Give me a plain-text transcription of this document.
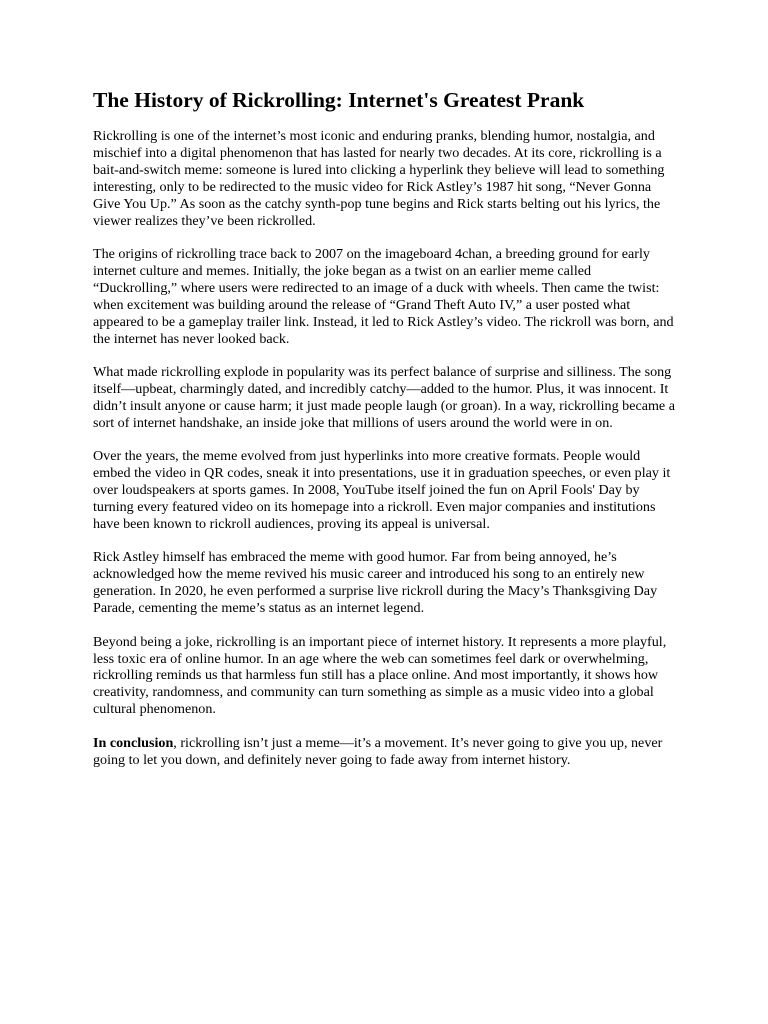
The History of Rickrolling: Internet's Greatest Prank

Rickrolling is one of the internet’s most iconic and enduring pranks, blending humor, nostalgia, and mischief into a digital phenomenon that has lasted for nearly two decades. At its core, rickrolling is a bait-and-switch meme: someone is lured into clicking a hyperlink they believe will lead to something interesting, only to be redirected to the music video for Rick Astley’s 1987 hit song, “Never Gonna Give You Up.” As soon as the catchy synth-pop tune begins and Rick starts belting out his lyrics, the viewer realizes they’ve been rickrolled.

The origins of rickrolling trace back to 2007 on the imageboard 4chan, a breeding ground for early internet culture and memes. Initially, the joke began as a twist on an earlier meme called “Duckrolling,” where users were redirected to an image of a duck with wheels. Then came the twist: when excitement was building around the release of “Grand Theft Auto IV,” a user posted what appeared to be a gameplay trailer link. Instead, it led to Rick Astley’s video. The rickroll was born, and the internet has never looked back.

What made rickrolling explode in popularity was its perfect balance of surprise and silliness. The song itself—upbeat, charmingly dated, and incredibly catchy—added to the humor. Plus, it was innocent. It didn’t insult anyone or cause harm; it just made people laugh (or groan). In a way, rickrolling became a sort of internet handshake, an inside joke that millions of users around the world were in on.

Over the years, the meme evolved from just hyperlinks into more creative formats. People would embed the video in QR codes, sneak it into presentations, use it in graduation speeches, or even play it over loudspeakers at sports games. In 2008, YouTube itself joined the fun on April Fools' Day by turning every featured video on its homepage into a rickroll. Even major companies and institutions have been known to rickroll audiences, proving its appeal is universal.

Rick Astley himself has embraced the meme with good humor. Far from being annoyed, he’s acknowledged how the meme revived his music career and introduced his song to an entirely new generation. In 2020, he even performed a surprise live rickroll during the Macy’s Thanksgiving Day Parade, cementing the meme’s status as an internet legend.

Beyond being a joke, rickrolling is an important piece of internet history. It represents a more playful, less toxic era of online humor. In an age where the web can sometimes feel dark or overwhelming, rickrolling reminds us that harmless fun still has a place online. And most importantly, it shows how creativity, randomness, and community can turn something as simple as a music video into a global cultural phenomenon.

In conclusion, rickrolling isn’t just a meme—it’s a movement. It’s never going to give you up, never going to let you down, and definitely never going to fade away from internet history.
